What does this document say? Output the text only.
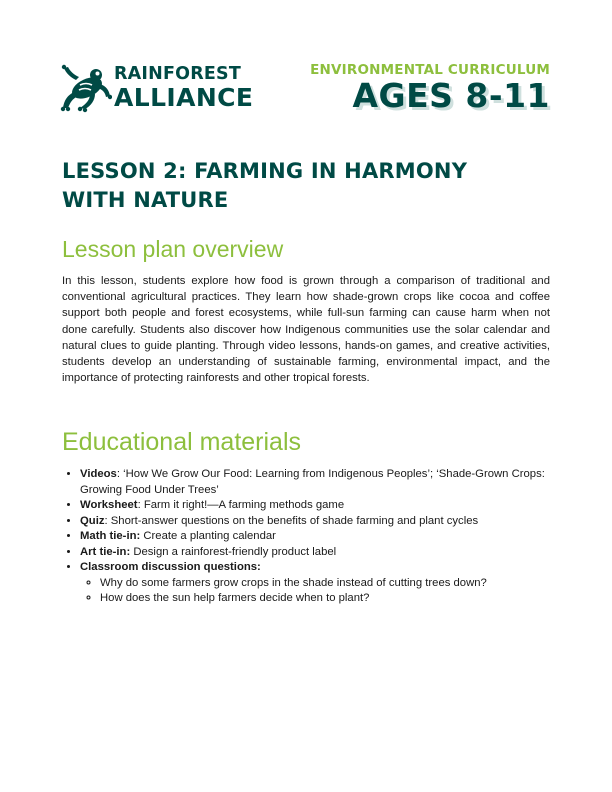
RAINFOREST
ALLIANCE
ENVIRONMENTAL CURRICULUM
AGES 8-11
LESSON 2: FARMING IN HARMONY WITH NATURE
Lesson plan overview
In this lesson, students explore how food is grown through a comparison of traditional and conventional agricultural practices. They learn how shade-grown crops like cocoa and coffee support both people and forest ecosystems, while full-sun farming can cause harm when not done carefully. Students also discover how Indigenous communities use the solar calendar and natural clues to guide planting. Through video lessons, hands-on games, and creative activities, students develop an understanding of sustainable farming, environmental impact, and the importance of protecting rainforests and other tropical forests.
Educational materials
• Videos: ‘How We Grow Our Food: Learning from Indigenous Peoples’; ‘Shade-Grown Crops: Growing Food Under Trees’
• Worksheet: Farm it right!—A farming methods game
• Quiz: Short-answer questions on the benefits of shade farming and plant cycles
• Math tie-in: Create a planting calendar
• Art tie-in: Design a rainforest-friendly product label
• Classroom discussion questions:
◦ Why do some farmers grow crops in the shade instead of cutting trees down?
◦ How does the sun help farmers decide when to plant?
